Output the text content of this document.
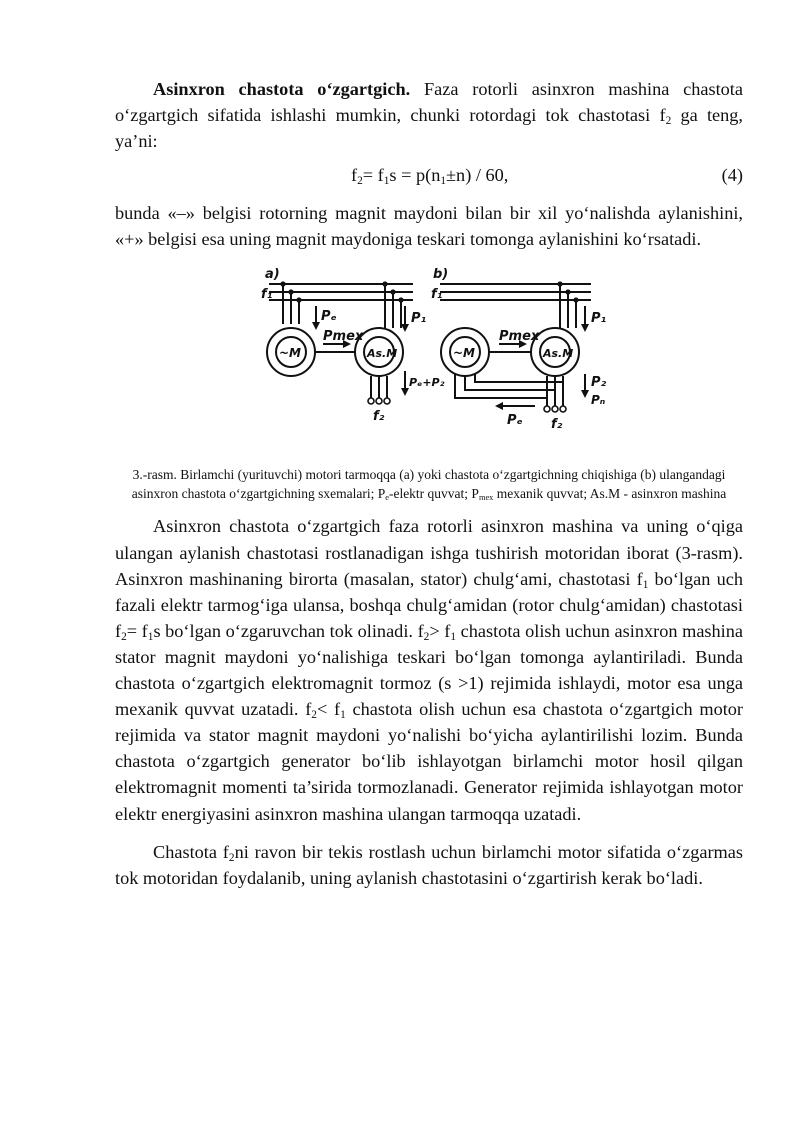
Asinxron chastota o‘zgartgich. Faza rotorli asinxron mashina chastota o‘zgartgich sifatida ishlashi mumkin, chunki rotordagi tok chastotasi $f_2$ ga teng, ya’ni:

$f_2= f_1s = p(n_1\pm n) / 60$,	(4)

bunda «–» belgisi rotorning magnit maydoni bilan bir xil yo‘nalishda aylanishini, «+» belgisi esa uning magnit maydoniga teskari tomonga aylanishini ko‘rsatadi.

a)
f₁
~M	As.M
Pₑ
Pmex
P₁
Pₑ+P₂
f₂
b)
f₁
~M	As.M
Pmex
P₁
P₂
Pₙ
Pₑ f₂
3.-rasm. Birlamchi (yurituvchi) motori tarmoqqa (a) yoki chastota o‘zgartgichning chiqishiga (b) ulangandagi asinxron chastota o‘zgartgichning sxemalari; $P_e$-elektr quvvat; $P_{mex}$ mexanik quvvat; As.M - asinxron mashina

Asinxron chastota o‘zgartgich faza rotorli asinxron mashina va uning o‘qiga ulangan aylanish chastotasi rostlanadigan ishga tushirish motoridan iborat (3-rasm). Asinxron mashinaning birorta (masalan, stator) chulg‘ami, chastotasi $f_1$ bo‘lgan uch fazali elektr tarmog‘iga ulansa, boshqa chulg‘amidan (rotor chulg‘amidan) chastotasi $f_2= f_1s$ bo‘lgan o‘zgaruvchan tok olinadi. $f_2> f_1$ chastota olish uchun asinxron mashina stator magnit maydoni yo‘nalishiga teskari bo‘lgan tomonga aylantiriladi. Bunda chastota o‘zgartgich elektromagnit tormoz (s >1) rejimida ishlaydi, motor esa unga mexanik quvvat uzatadi. $f_2< f_1$ chastota olish uchun esa chastota o‘zgartgich motor rejimida va stator magnit maydoni yo‘nalishi bo‘yicha aylantirilishi lozim. Bunda chastota o‘zgartgich generator bo‘lib ishlayotgan birlamchi motor hosil qilgan elektromagnit momenti ta’sirida tormozlanadi. Generator rejimida ishlayotgan motor elektr energiyasini asinxron mashina ulangan tarmoqqa uzatadi.

Chastota $f_2ni$ ravon bir tekis rostlash uchun birlamchi motor sifatida o‘zgarmas tok motoridan foydalanib, uning aylanish chastotasini o‘zgartirish kerak bo‘ladi.
